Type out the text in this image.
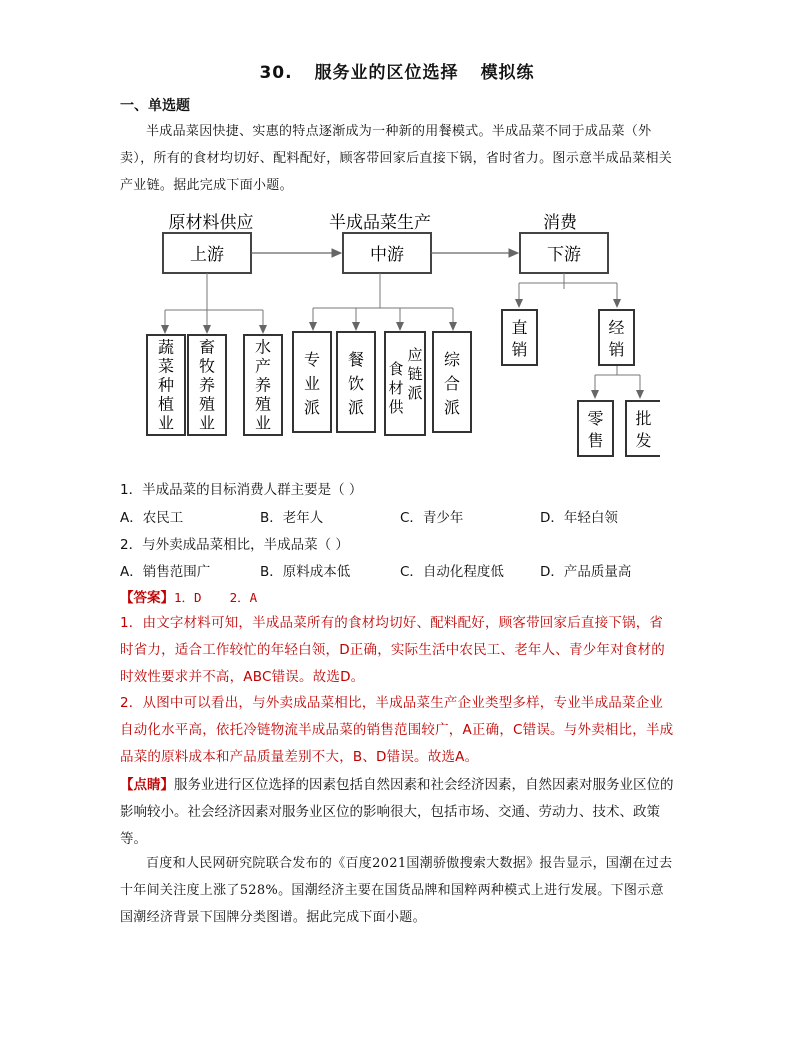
30. 服务业的区位选择 模拟练
一、单选题
半成品菜因快捷、实惠的特点逐渐成为一种新的用餐模式。半成品菜不同于成品菜（外卖），所有的食材均切好、配料配好，顾客带回家后直接下锅，省时省力。图示意半成品菜相关产业链。据此完成下面小题。
原材料供应	半成品菜生产	消费
上游	中游	下游
蔬
菜
种
植
业
畜
牧
养
殖
业
水
产
养
殖
业
专
业
派
餐
饮
派
食
材
供
应
链
派
综
合
派
直
销
经
销
零
售
批
发
1．半成品菜的目标消费人群主要是（ ）
A．农民工	B．老年人	C．青少年	D．年轻白领
2．与外卖成品菜相比，半成品菜（ ）
A．销售范围广	B．原料成本低	C．自动化程度低	D．产品质量高
【答案】1．D 2．A
1．由文字材料可知，半成品菜所有的食材均切好、配料配好，顾客带回家后直接下锅，省时省力，适合工作较忙的年轻白领，D正确，实际生活中农民工、老年人、青少年对食材的时效性要求并不高，ABC错误。故选D。
2．从图中可以看出，与外卖成品菜相比，半成品菜生产企业类型多样，专业半成品菜企业自动化水平高，依托冷链物流半成品菜的销售范围较广，A正确，C错误。与外卖相比，半成品菜的原料成本和产品质量差别不大，B、D错误。故选A。
【点睛】服务业进行区位选择的因素包括自然因素和社会经济因素，自然因素对服务业区位的影响较小。社会经济因素对服务业区位的影响很大，包括市场、交通、劳动力、技术、政策等。
百度和人民网研究院联合发布的《百度2021国潮骄傲搜索大数据》报告显示，国潮在过去十年间关注度上涨了528%。国潮经济主要在国货品牌和国粹两种模式上进行发展。下图示意国潮经济背景下国牌分类图谱。据此完成下面小题。
